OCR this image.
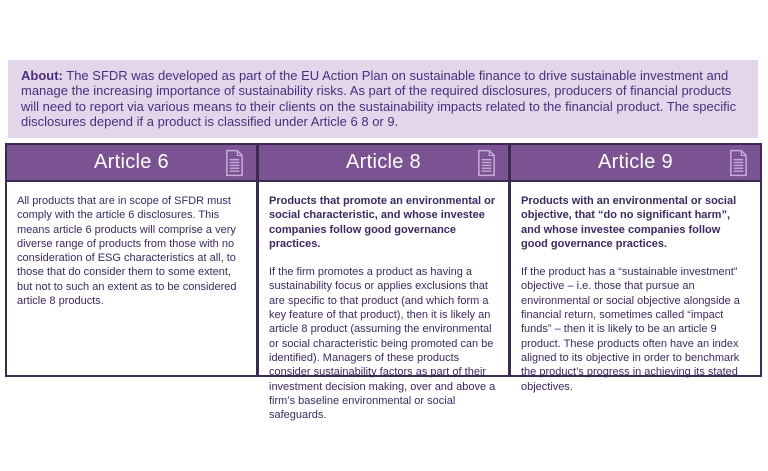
About: The SFDR was developed as part of the EU Action Plan on sustainable finance to drive sustainable investment and manage the increasing importance of sustainability risks. As part of the required disclosures, producers of financial products will need to report via various means to their clients on the sustainability impacts related to the financial product. The specific disclosures depend if a product is classified under Article 6 8 or 9.
Article 6

All products that are in scope of SFDR must comply with the article 6 disclosures. This means article 6 products will comprise a very diverse range of products from those with no consideration of ESG characteristics at all, to those that do consider them to some extent, but not to such an extent as to be considered article 8 products.

Article 8

Products that promote an environmental or social characteristic, and whose investee companies follow good governance practices.

If the firm promotes a product as having a sustainability focus or applies exclusions that are specific to that product (and which form a key feature of that product), then it is likely an article 8 product (assuming the environmental or social characteristic being promoted can be identified). Managers of these products consider sustainability factors as part of their investment decision making, over and above a firm’s baseline environmental or social safeguards.

Article 9

Products with an environmental or social objective, that “do no significant harm”, and whose investee companies follow good governance practices.

If the product has a “sustainable investment” objective – i.e. those that pursue an environmental or social objective alongside a financial return, sometimes called “impact funds” – then it is likely to be an article 9 product. These products often have an index aligned to its objective in order to benchmark the product’s progress in achieving its stated objectives.
